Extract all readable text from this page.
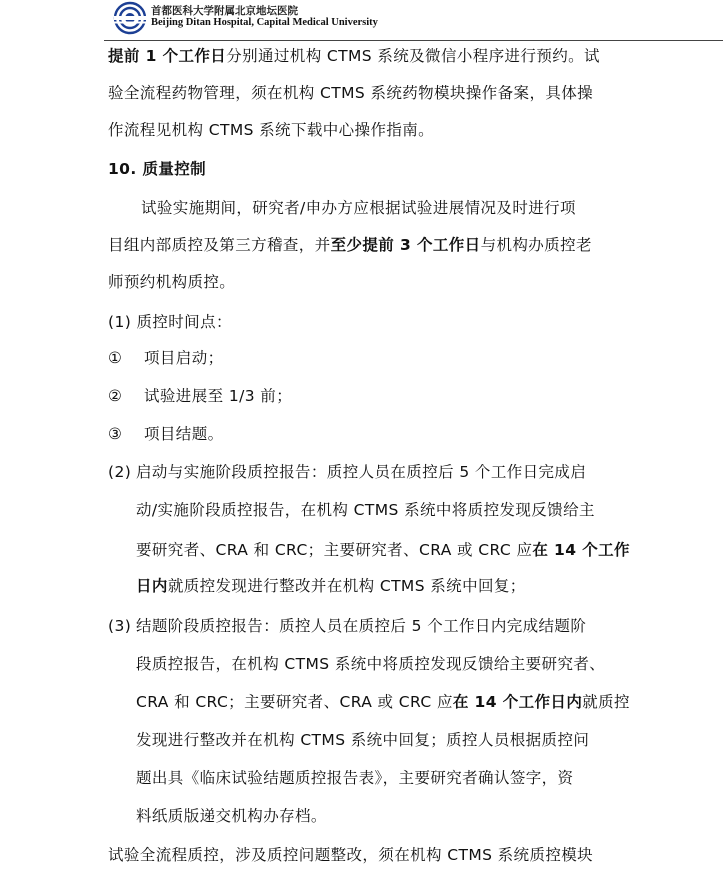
首都医科大学附属北京地坛医院
Beijing Ditan Hospital, Capital Medical University
提前 1 个工作日分别通过机构 CTMS 系统及微信小程序进行预约。试
验全流程药物管理，须在机构 CTMS 系统药物模块操作备案，具体操
作流程见机构 CTMS 系统下载中心操作指南。
10. 质量控制
试验实施期间，研究者/申办方应根据试验进展情况及时进行项
目组内部质控及第三方稽查，并至少提前 3 个工作日与机构办质控老
师预约机构质控。
(1) 质控时间点：
① 项目启动；
② 试验进展至 1/3 前；
③ 项目结题。
(2) 启动与实施阶段质控报告：质控人员在质控后 5 个工作日完成启
动/实施阶段质控报告，在机构 CTMS 系统中将质控发现反馈给主
要研究者、CRA 和 CRC；主要研究者、CRA 或 CRC 应在 14 个工作
日内就质控发现进行整改并在机构 CTMS 系统中回复；
(3) 结题阶段质控报告：质控人员在质控后 5 个工作日内完成结题阶
段质控报告，在机构 CTMS 系统中将质控发现反馈给主要研究者、
CRA 和 CRC；主要研究者、CRA 或 CRC 应在 14 个工作日内就质控
发现进行整改并在机构 CTMS 系统中回复；质控人员根据质控问
题出具《临床试验结题质控报告表》，主要研究者确认签字，资
料纸质版递交机构办存档。
试验全流程质控，涉及质控问题整改，须在机构 CTMS 系统质控模块
